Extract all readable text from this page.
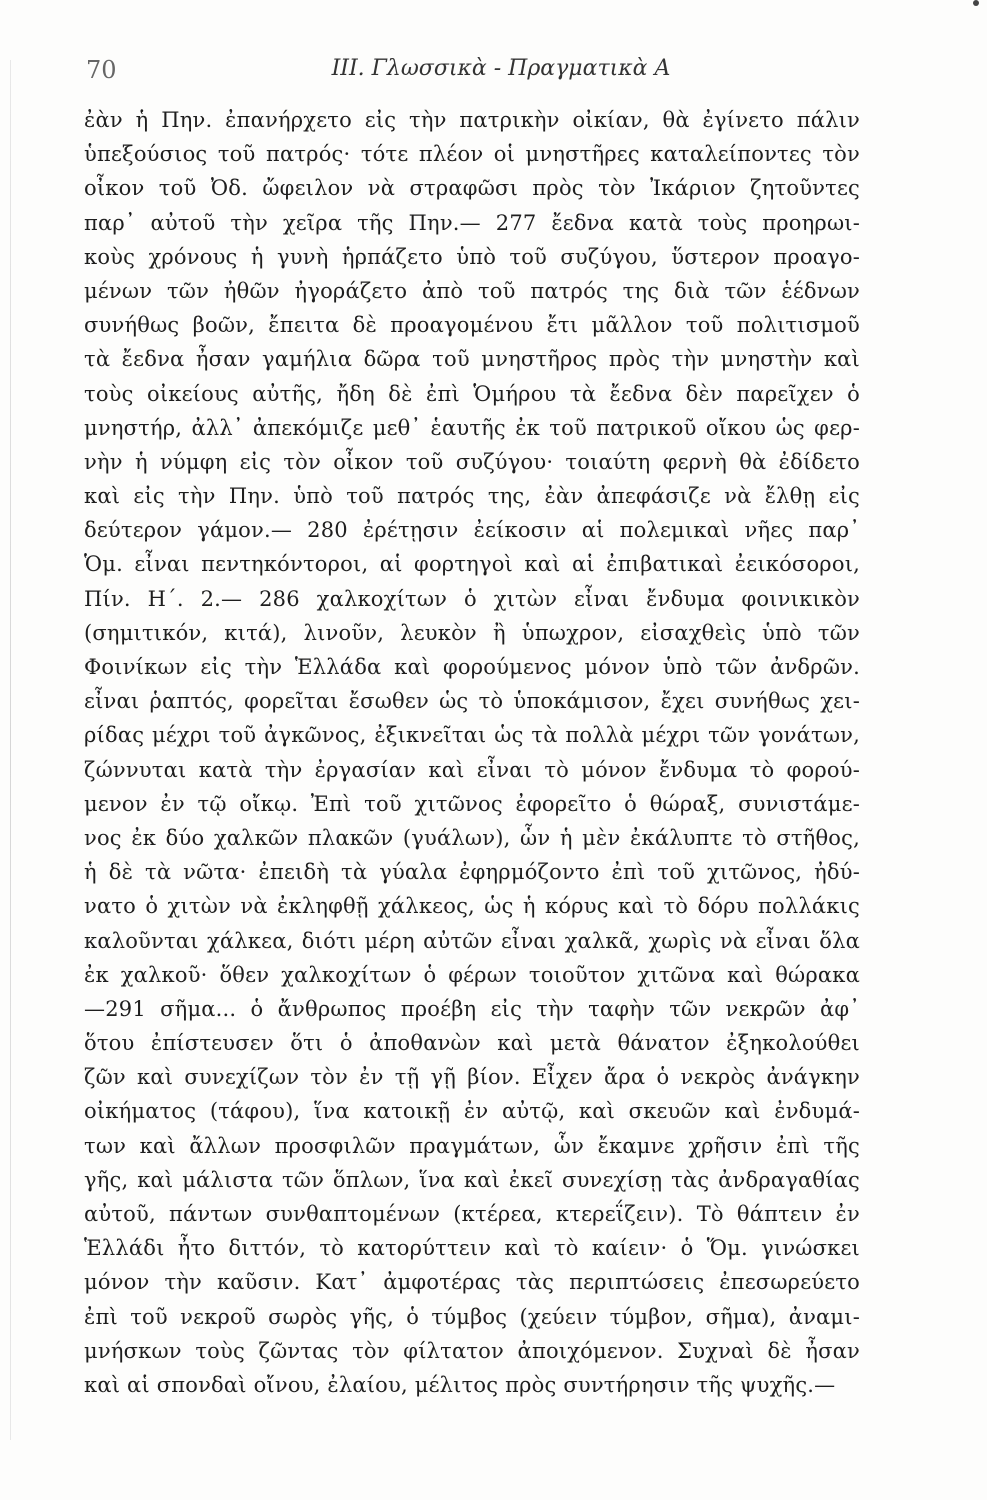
70	III. Γλωσσικὰ - Πραγματικὰ Α
ἐὰν ἡ Πην. ἐπανήρχετο εἰς τὴν πατρικὴν οἰκίαν, θὰ ἐγίνετο πάλιν
ὑπεξούσιος τοῦ πατρός· τότε πλέον οἱ μνηστῆρες καταλείποντες τὸν
οἶκον τοῦ Ὀδ. ὤφειλον νὰ στραφῶσι πρὸς τὸν Ἰκάριον ζητοῦντες
παρ᾽ αὐτοῦ τὴν χεῖρα τῆς Πην.— 277 ἔεδνα κατὰ τοὺς προηρωι-
κοὺς χρόνους ἡ γυνὴ ἡρπάζετο ὑπὸ τοῦ συζύγου, ὕστερον προαγο-
μένων τῶν ἠθῶν ἠγοράζετο ἀπὸ τοῦ πατρός της διὰ τῶν ἑέδνων
συνήθως βοῶν, ἔπειτα δὲ προαγομένου ἔτι μᾶλλον τοῦ πολιτισμοῦ
τὰ ἔεδνα ἦσαν γαμήλια δῶρα τοῦ μνηστῆρος πρὸς τὴν μνηστὴν καὶ
τοὺς οἰκείους αὐτῆς, ἤδη δὲ ἐπὶ Ὁμήρου τὰ ἔεδνα δὲν παρεῖχεν ὁ
μνηστήρ, ἀλλ᾽ ἀπεκόμιζε μεθ᾽ ἑαυτῆς ἐκ τοῦ πατρικοῦ οἴκου ὡς φερ-
νὴν ἡ νύμφη εἰς τὸν οἶκον τοῦ συζύγου· τοιαύτη φερνὴ θὰ ἐδίδετο
καὶ εἰς τὴν Πην. ὑπὸ τοῦ πατρός της, ἐὰν ἀπεφάσιζε νὰ ἔλθῃ εἰς
δεύτερον γάμον.— 280 ἐρέτῃσιν ἐείκοσιν αἱ πολεμικαὶ νῆες παρ᾽
Ὁμ. εἶναι πεντηκόντοροι, αἱ φορτηγοὶ καὶ αἱ ἐπιβατικαὶ ἐεικόσοροι,
Πίν. Η΄. 2.— 286 χαλκοχίτων ὁ χιτὼν εἶναι ἔνδυμα φοινικικὸν
(σημιτικόν, κιτά), λινοῦν, λευκὸν ἢ ὑπωχρον, εἰσαχθεὶς ὑπὸ τῶν
Φοινίκων εἰς τὴν Ἑλλάδα καὶ φορούμενος μόνον ὑπὸ τῶν ἀνδρῶν.
εἶναι ῥαπτός, φορεῖται ἔσωθεν ὡς τὸ ὑποκάμισον, ἔχει συνήθως χει-
ρίδας μέχρι τοῦ ἀγκῶνος, ἐξικνεῖται ὡς τὰ πολλὰ μέχρι τῶν γονάτων,
ζώννυται κατὰ τὴν ἐργασίαν καὶ εἶναι τὸ μόνον ἔνδυμα τὸ φορού-
μενον ἐν τῷ οἴκῳ. Ἐπὶ τοῦ χιτῶνος ἐφορεῖτο ὁ θώραξ, συνιστάμε-
νος ἐκ δύο χαλκῶν πλακῶν (γυάλων), ὧν ἡ μὲν ἐκάλυπτε τὸ στῆθος,
ἡ δὲ τὰ νῶτα· ἐπειδὴ τὰ γύαλα ἐφηρμόζοντο ἐπὶ τοῦ χιτῶνος, ἠδύ-
νατο ὁ χιτὼν νὰ ἐκληφθῇ χάλκεος, ὡς ἡ κόρυς καὶ τὸ δόρυ πολλάκις
καλοῦνται χάλκεα, διότι μέρη αὐτῶν εἶναι χαλκᾶ, χωρὶς νὰ εἶναι ὅλα
ἐκ χαλκοῦ· ὅθεν χαλκοχίτων ὁ φέρων τοιοῦτον χιτῶνα καὶ θώρακα
—291 σῆμα... ὁ ἄνθρωπος προέβη εἰς τὴν ταφὴν τῶν νεκρῶν ἀφ᾽
ὅτου ἐπίστευσεν ὅτι ὁ ἀποθανὼν καὶ μετὰ θάνατον ἐξηκολούθει
ζῶν καὶ συνεχίζων τὸν ἐν τῇ γῇ βίον. Εἶχεν ἄρα ὁ νεκρὸς ἀνάγκην
οἰκήματος (τάφου), ἵνα κατοικῇ ἐν αὐτῷ, καὶ σκευῶν καὶ ἐνδυμά-
των καὶ ἄλλων προσφιλῶν πραγμάτων, ὧν ἔκαμνε χρῆσιν ἐπὶ τῆς
γῆς, καὶ μάλιστα τῶν ὅπλων, ἵνα καὶ ἐκεῖ συνεχίσῃ τὰς ἀνδραγαθίας
αὐτοῦ, πάντων συνθαπτομένων (κτέρεα, κτερεΐζειν). Τὸ θάπτειν ἐν
Ἑλλάδι ἦτο διττόν, τὸ κατορύττειν καὶ τὸ καίειν· ὁ Ὅμ. γινώσκει
μόνον τὴν καῦσιν. Κατ᾽ ἀμφοτέρας τὰς περιπτώσεις ἐπεσωρεύετο
ἐπὶ τοῦ νεκροῦ σωρὸς γῆς, ὁ τύμβος (χεύειν τύμβον, σῆμα), ἀναμι-
μνήσκων τοὺς ζῶντας τὸν φίλτατον ἀποιχόμενον. Συχναὶ δὲ ἦσαν
καὶ αἱ σπονδαὶ οἴνου, ἐλαίου, μέλιτος πρὸς συντήρησιν τῆς ψυχῆς.—
